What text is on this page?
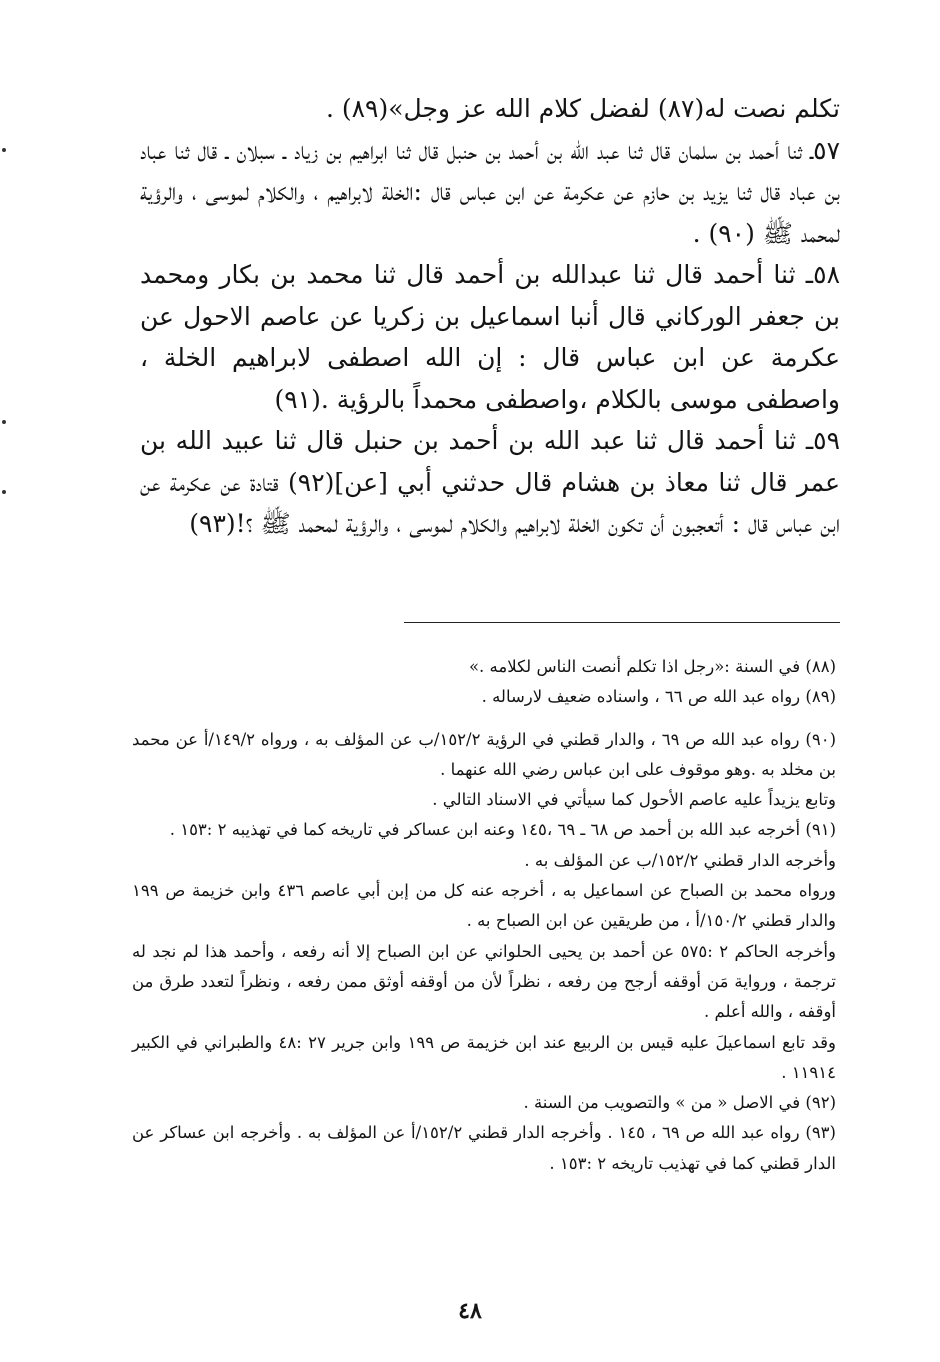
تكلم نصت له(٨٧) لفضل كلام الله عز وجل»(٨٩) .

٥٧ـ ثنا أحمد بن سلمان قال ثنا عبد الله بن أحمد بن حنبل قال ثنا ابراهيم بن زياد ـ سبلان ـ قال ثنا عباد بن عباد قال ثنا يزيد بن حازم عن عكرمة عن ابن عباس قال :الخلة لابراهيم ، والكلام لموسى ، والرؤية لمحمد ﷺ (٩٠) .

٥٨ـ ثنا أحمد قال ثنا عبدالله بن أحمد قال ثنا محمد بن بكار ومحمد بن جعفر الوركاني قال أنبا اسماعيل بن زكريا عن عاصم الاحول عن عكرمة عن ابن عباس قال : إن الله اصطفى لابراهيم الخلة ، واصطفى موسى بالكلام ،واصطفى محمداً بالرؤية .(٩١)

٥٩ـ ثنا أحمد قال ثنا عبد الله بن أحمد بن حنبل قال ثنا عبيد الله بن عمر قال ثنا معاذ بن هشام قال حدثني أبي [عن](٩٢) قتادة عن عكرمة عن ابن عباس قال : أتعجبون أن تكون الخلة لابراهيم والكلام لموسى ، والرؤية لمحمد ﷺ ؟!(٩٣)

(٨٨) في السنة :«رجل اذا تكلم أنصت الناس لكلامه .»

(٨٩) رواه عبد الله ص ٦٦ ، واسناده ضعيف لارساله .

(٩٠) رواه عبد الله ص ٦٩ ، والدار قطني في الرؤية ١٥٢/٢/ب عن المؤلف به ، ورواه ١٤٩/٢/أ عن محمد بن مخلد به .وهو موقوف على ابن عباس رضي الله عنهما .

وتابع يزيداً عليه عاصم الأحول كما سيأتي في الاسناد التالي .

(٩١) أخرجه عبد الله بن أحمد ص ٦٨ ـ ٦٩ ،١٤٥ وعنه ابن عساكر في تاريخه كما في تهذيبه ٢ :١٥٣ .

وأخرجه الدار قطني ١٥٢/٢/ب عن المؤلف به .

ورواه محمد بن الصباح عن اسماعيل به ، أخرجه عنه كل من إبن أبي عاصم ٤٣٦ وابن خزيمة ص ١٩٩ والدار قطني ١٥٠/٢/أ ، من طريقين عن ابن الصباح به .

وأخرجه الحاكم ٢ :٥٧٥ عن أحمد بن يحيى الحلواني عن ابن الصباح إلا أنه رفعه ، وأحمد هذا لم نجد له ترجمة ، ورواية مَن أوقفه أرجح مِن رفعه ، نظراً لأن من أوقفه أوثق ممن رفعه ، ونظراً لتعدد طرق من أوقفه ، والله أعلم .

وقد تابع اسماعيلَ عليه قيس بن الربيع عند ابن خزيمة ص ١٩٩ وابن جرير ٢٧ :٤٨ والطبراني في الكبير ١١٩١٤ .

(٩٢) في الاصل « من » والتصويب من السنة .

(٩٣) رواه عبد الله ص ٦٩ ، ١٤٥ . وأخرجه الدار قطني ١٥٢/٢/أ عن المؤلف به . وأخرجه ابن عساكر عن الدار قطني كما في تهذيب تاريخه ٢ :١٥٣ .

٤٨
